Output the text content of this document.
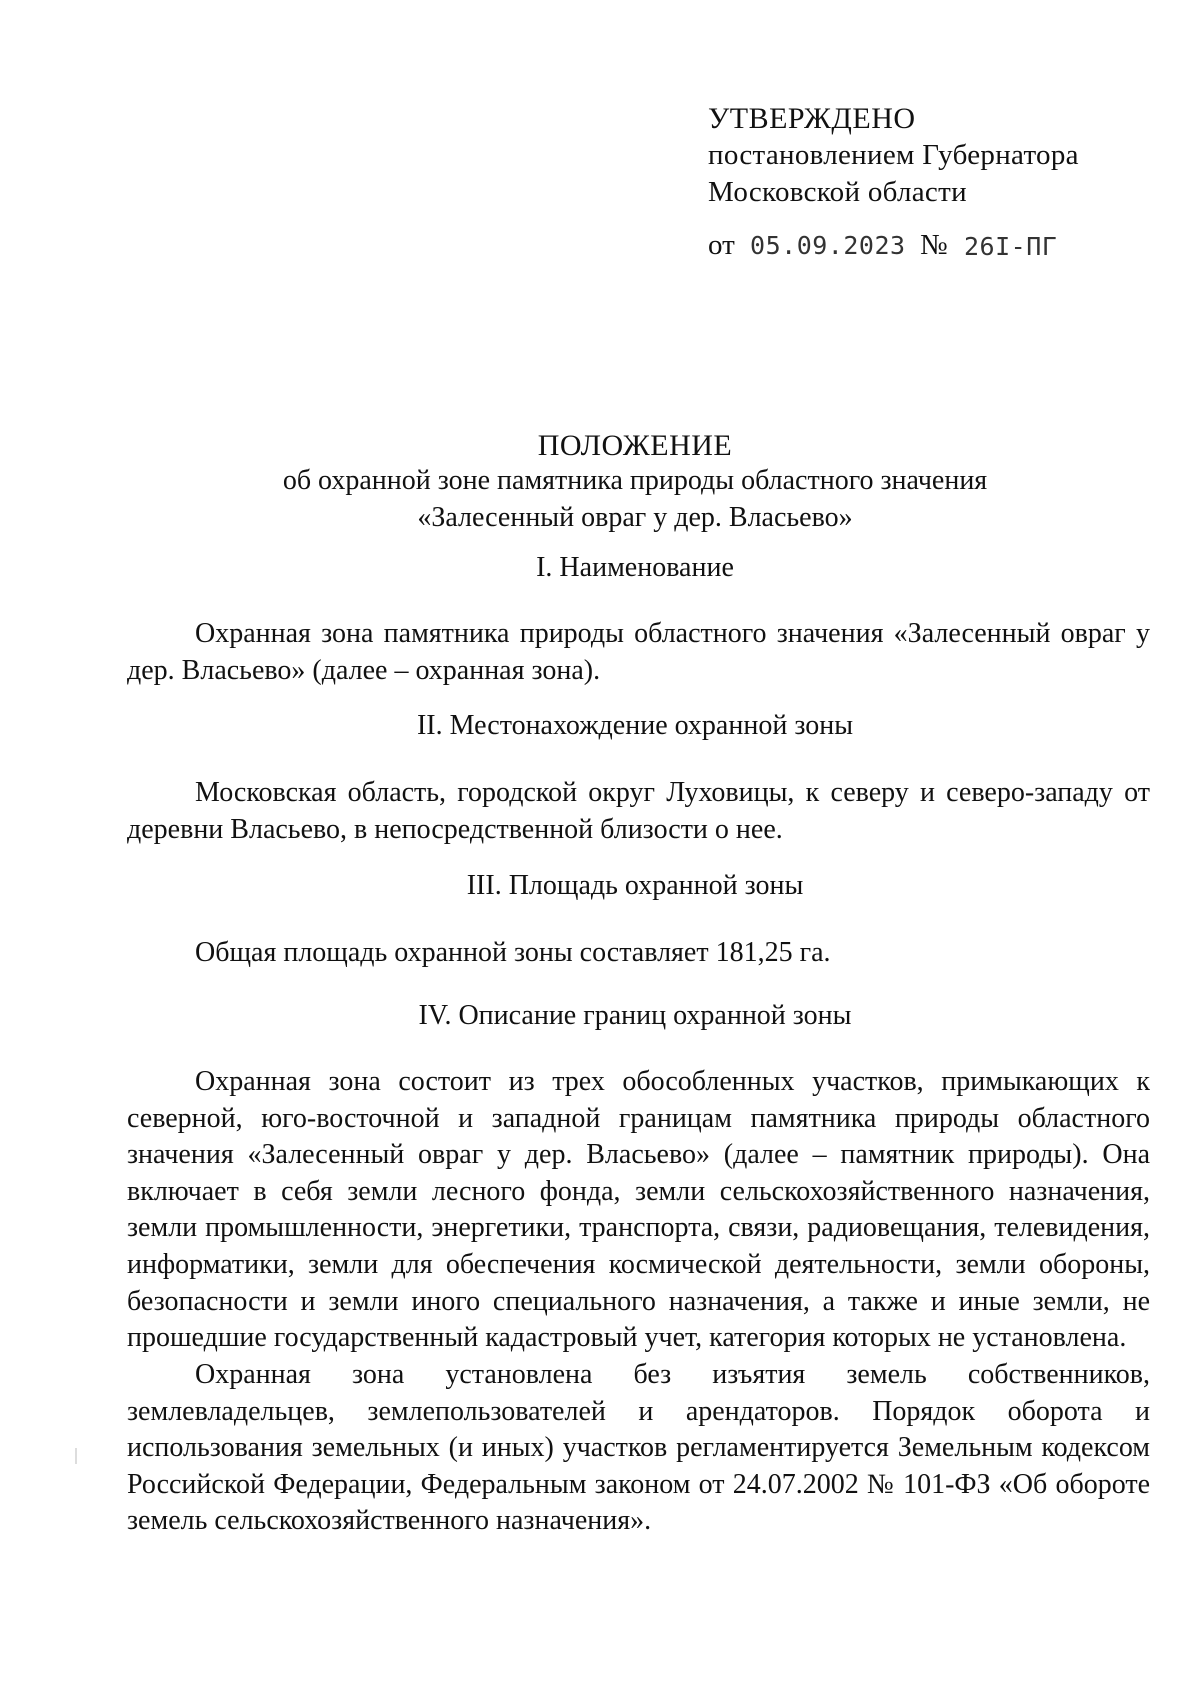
УТВЕРЖДЕНО
постановлением Губернатора
Московской области
от 05.09.2023 № 26I-ПГ
ПОЛОЖЕНИЕ
об охранной зоне памятника природы областного значения
«Залесенный овраг у дер. Власьево»
I. Наименование
Охранная зона памятника природы областного значения «Залесенный овраг у дер. Власьево» (далее – охранная зона).
II. Местонахождение охранной зоны
Московская область, городской округ Луховицы, к северу и северо-западу от деревни Власьево, в непосредственной близости о нее.
III. Площадь охранной зоны
Общая площадь охранной зоны составляет 181,25 га.
IV. Описание границ охранной зоны
Охранная зона состоит из трех обособленных участков, примыкающих к северной, юго-восточной и западной границам памятника природы областного значения «Залесенный овраг у дер. Власьево» (далее – памятник природы). Она включает в себя земли лесного фонда, земли сельскохозяйственного назначения, земли промышленности, энергетики, транспорта, связи, радиовещания, телевидения, информатики, земли для обеспечения космической деятельности, земли обороны, безопасности и земли иного специального назначения, а также и иные земли, не прошедшие государственный кадастровый учет, категория которых не установлена.
Охранная зона установлена без изъятия земель собственников, землевладельцев, землепользователей и арендаторов. Порядок оборота и использования земельных (и иных) участков регламентируется Земельным кодексом Российской Федерации, Федеральным законом от 24.07.2002 № 101-ФЗ «Об обороте земель сельскохозяйственного назначения».
